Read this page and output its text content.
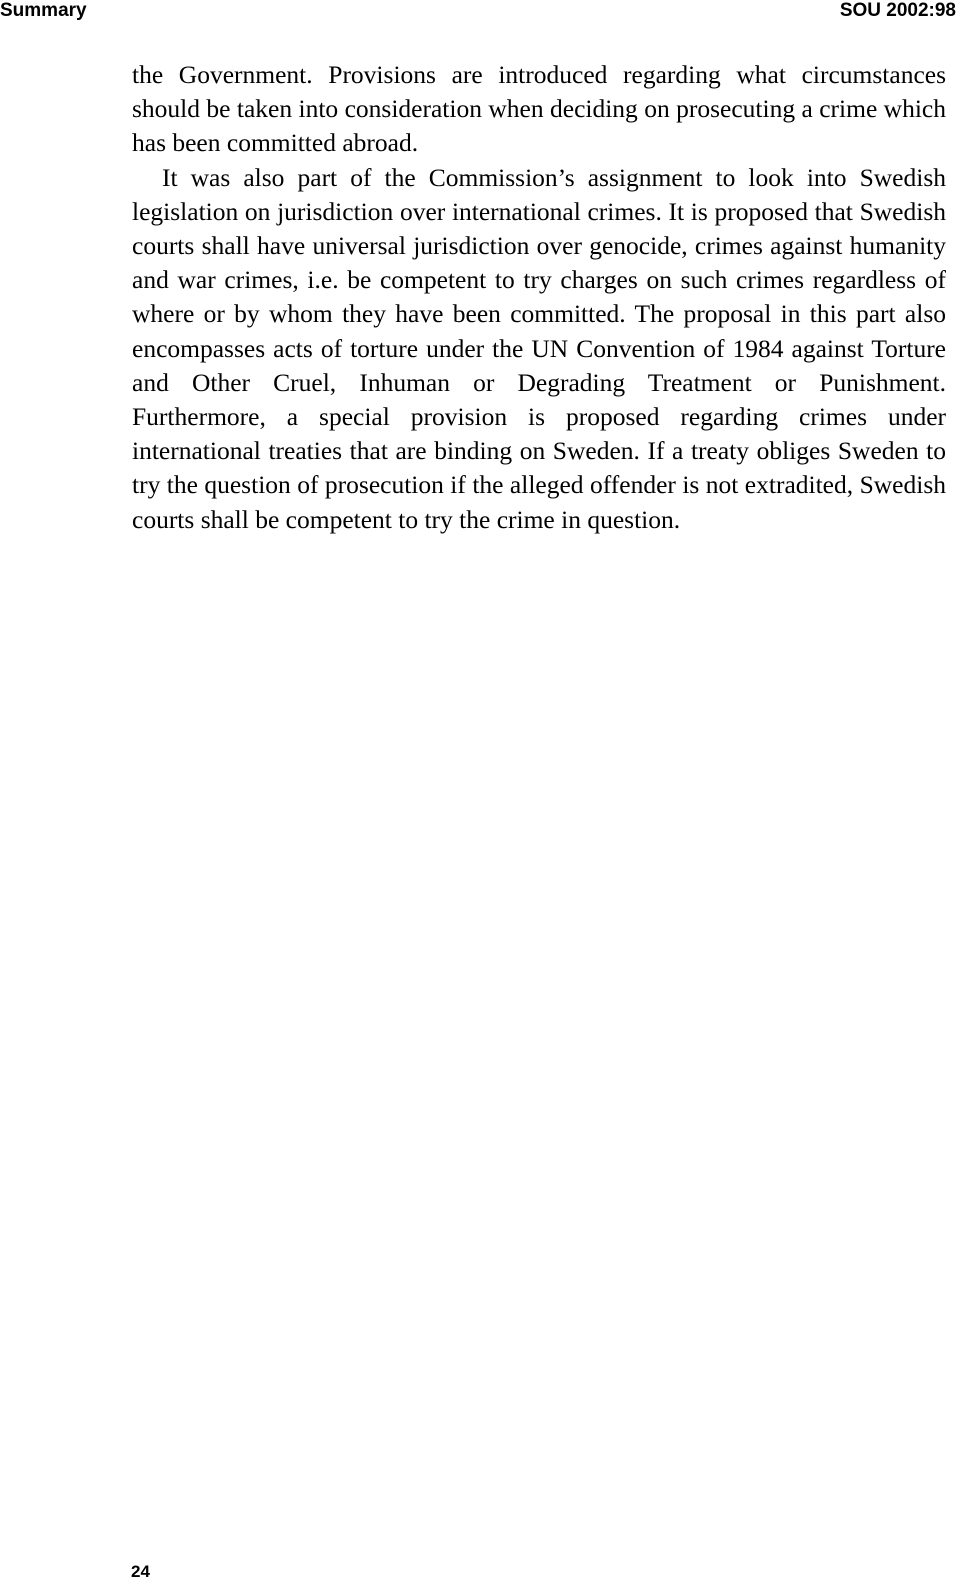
Summary	SOU 2002:98

the Government. Provisions are introduced regarding what circumstances should be taken into consideration when deciding on prosecuting a crime which has been committed abroad.

It was also part of the Commission’s assignment to look into Swedish legislation on jurisdiction over international crimes. It is proposed that Swedish courts shall have universal jurisdiction over genocide, crimes against humanity and war crimes, i.e. be competent to try charges on such crimes regardless of where or by whom they have been committed. The proposal in this part also encompasses acts of torture under the UN Convention of 1984 against Torture and Other Cruel, Inhuman or Degrading Treatment or Punishment. Furthermore, a special provision is proposed regarding crimes under international treaties that are binding on Sweden. If a treaty obliges Sweden to try the question of prosecution if the alleged offender is not extradited, Swedish courts shall be competent to try the crime in question.

24
